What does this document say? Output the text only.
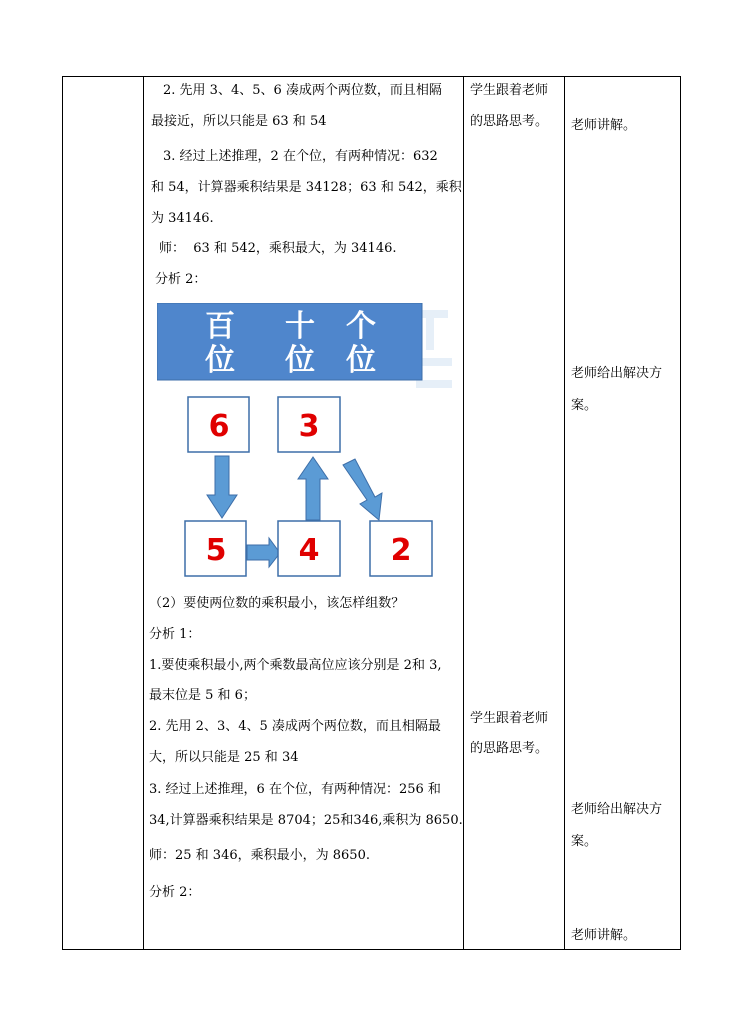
2. 先用 3、4、5、6 凑成两个两位数，而且相隔
最接近，所以只能是 63 和 54
3. 经过上述推理，2 在个位，有两种情况：632
和 54，计算器乘积结果是 34128；63 和 542，乘积
为 34146.
师：  63 和 542，乘积最大，为 34146.
分析 2：
百 十 个
位 位 位
6 3
5 4 2
（2）要使两位数的乘积最小，该怎样组数？
分析 1：
1.要使乘积最小,两个乘数最高位应该分别是 2和 3,
最末位是 5 和 6；
2. 先用 2、3、4、5 凑成两个两位数，而且相隔最
大，所以只能是 25 和 34
3. 经过上述推理，6 在个位，有两种情况：256 和
34,计算器乘积结果是 8704；25和346,乘积为 8650.
师：25 和 346，乘积最小，为 8650.
分析 2：
学生跟着老师
的思路思考。
学生跟着老师
的思路思考。
老师讲解。
老师给出解决方
案。
老师给出解决方
案。
老师讲解。
